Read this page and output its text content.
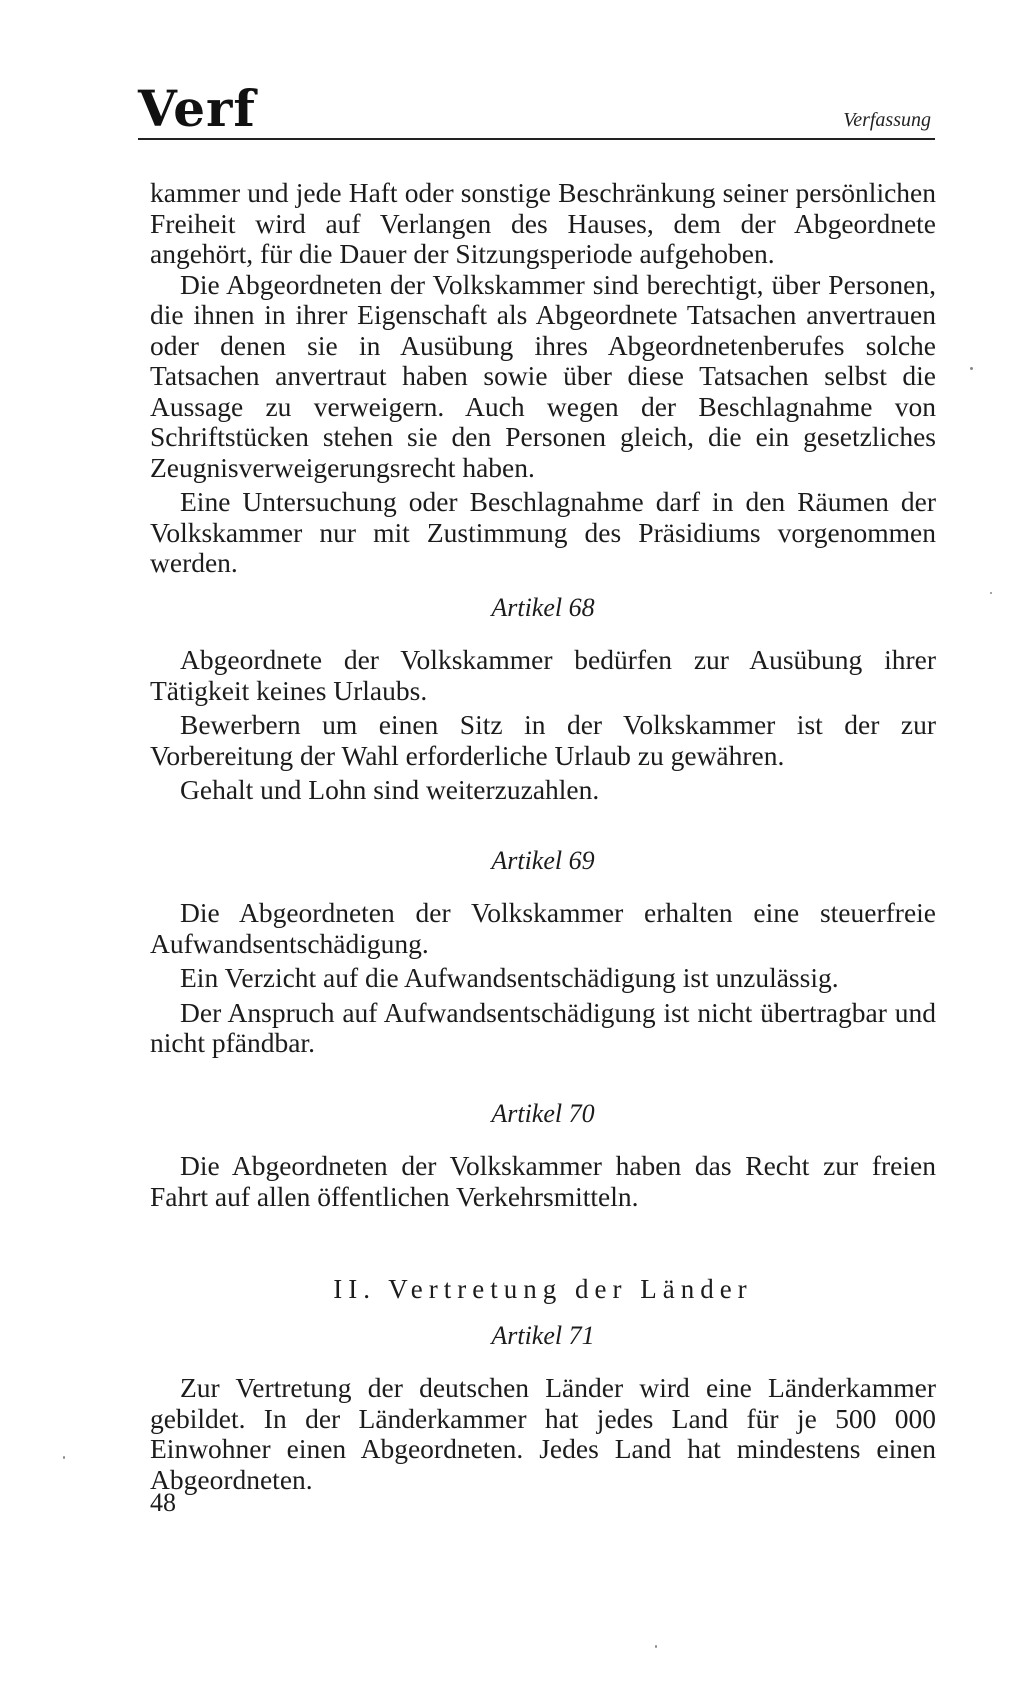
Verf	Verfassung

kammer und jede Haft oder sonstige Beschränkung seiner persönlichen Freiheit wird auf Verlangen des Hauses, dem der Abgeordnete angehört, für die Dauer der Sitzungsperiode aufgehoben.

Die Abgeordneten der Volkskammer sind berechtigt, über Personen, die ihnen in ihrer Eigenschaft als Abgeordnete Tatsachen anvertrauen oder denen sie in Ausübung ihres Abgeordnetenberufes solche Tatsachen anvertraut haben sowie über diese Tatsachen selbst die Aussage zu verweigern. Auch wegen der Beschlagnahme von Schriftstücken stehen sie den Personen gleich, die ein gesetzliches Zeugnisverweigerungsrecht haben.

Eine Untersuchung oder Beschlagnahme darf in den Räumen der Volkskammer nur mit Zustimmung des Präsidiums vorgenommen werden.

Artikel 68

Abgeordnete der Volkskammer bedürfen zur Ausübung ihrer Tätigkeit keines Urlaubs.

Bewerbern um einen Sitz in der Volkskammer ist der zur Vorbereitung der Wahl erforderliche Urlaub zu gewähren.

Gehalt und Lohn sind weiterzuzahlen.

Artikel 69

Die Abgeordneten der Volkskammer erhalten eine steuerfreie Aufwandsentschädigung.

Ein Verzicht auf die Aufwandsentschädigung ist unzulässig.

Der Anspruch auf Aufwandsentschädigung ist nicht übertragbar und nicht pfändbar.

Artikel 70

Die Abgeordneten der Volkskammer haben das Recht zur freien Fahrt auf allen öffentlichen Verkehrsmitteln.

II. Vertretung der Länder

Artikel 71

Zur Vertretung der deutschen Länder wird eine Länderkammer gebildet. In der Länderkammer hat jedes Land für je 500 000 Einwohner einen Abgeordneten. Jedes Land hat mindestens einen Abgeordneten.

48
